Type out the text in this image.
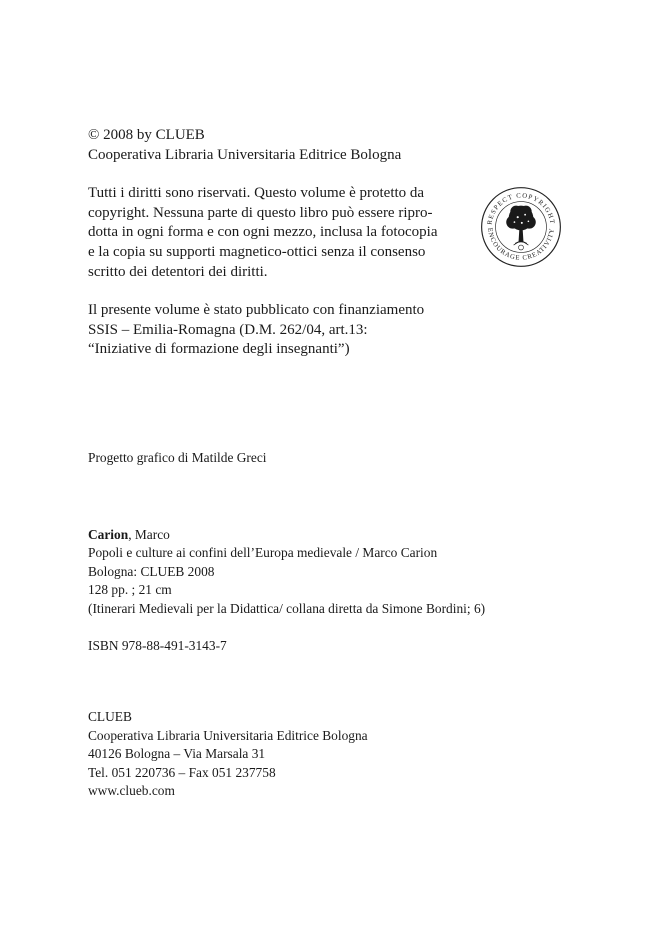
© 2008 by CLUEB
Cooperativa Libraria Universitaria Editrice Bologna
Tutti i diritti sono riservati. Questo volume è protetto da
copyright. Nessuna parte di questo libro può essere ripro-
dotta in ogni forma e con ogni mezzo, inclusa la fotocopia
e la copia su supporti magnetico-ottici senza il consenso
scritto dei detentori dei diritti.
Il presente volume è stato pubblicato con finanziamento
SSIS – Emilia-Romagna (D.M. 262/04, art.13:
“Iniziative di formazione degli insegnanti”)
Progetto grafico di Matilde Greci
Carion, Marco
Popoli e culture ai confini dell’Europa medievale / Marco Carion
Bologna: CLUEB 2008
128 pp. ; 21 cm
(Itinerari Medievali per la Didattica/ collana diretta da Simone Bordini; 6)
ISBN 978-88-491-3143-7
CLUEB
Cooperativa Libraria Universitaria Editrice Bologna
40126 Bologna – Via Marsala 31
Tel. 051 220736 – Fax 051 237758
www.clueb.com
RESPECT COPYRIGHT
ENCOURAGE CREATIVITY
